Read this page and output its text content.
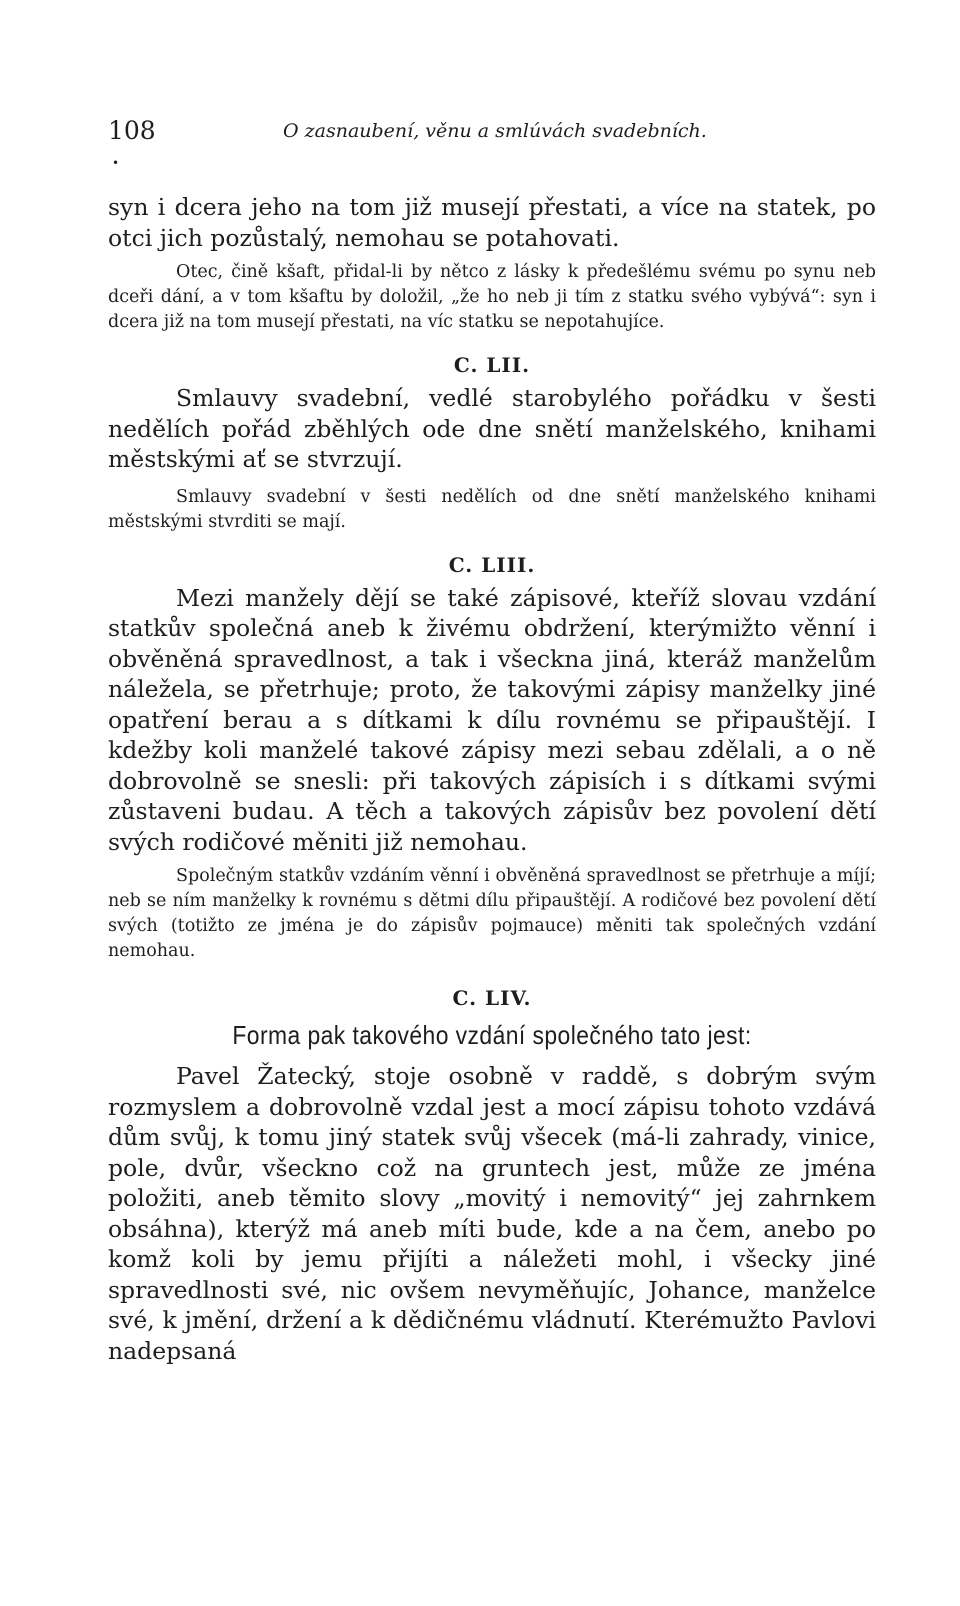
108	O zasnaubení, věnu a smlúvách svadebních.
•

syn i dcera jeho na tom již musejí přestati, a více na statek, po otci jich pozůstalý, nemohau se potahovati.

Otec, čině kšaft, přidal-li by nětco z lásky k předešlému svému po synu neb dceři dání, a v tom kšaftu by doložil, „že ho neb ji tím z statku svého vybývá“: syn i dcera již na tom musejí přestati, na víc statku se nepotahujíce.

C. LII.

Smlauvy svadební, vedlé starobylého pořádku v šesti nedělích pořád zběhlých ode dne snětí manželského, knihami městskými ať se stvrzují.

Smlauvy svadební v šesti nedělích od dne snětí manželského knihami městskými stvrditi se mají.

C. LIII.

Mezi manžely dějí se také zápisové, kteříž slovau vzdání statkův společná aneb k živému obdržení, kterýmižto věnní i obvěněná spravedlnost, a tak i všeckna jiná, kteráž manželům náležela, se přetrhuje; proto, že takovými zápisy manželky jiné opatření berau a s dítkami k dílu rovnému se připauštějí. I kdežby koli manželé takové zápisy mezi sebau zdělali, a o ně dobrovolně se snesli: při takových zápisích i s dítkami svými zůstaveni budau. A těch a takových zápisův bez povolení dětí svých rodičové měniti již nemohau.

Společným statkův vzdáním věnní i obvěněná spravedlnost se přetrhuje a míjí; neb se ním manželky k rovnému s dětmi dílu připauštějí. A rodičové bez povolení dětí svých (totižto ze jména je do zápisův pojmauce) měniti tak společných vzdání nemohau.

C. LIV.
Forma pak takového vzdání společného tato jest:

Pavel Žatecký, stoje osobně v raddě, s dobrým svým rozmyslem a dobrovolně vzdal jest a mocí zápisu tohoto vzdává dům svůj, k tomu jiný statek svůj všecek (má-li zahrady, vinice, pole, dvůr, všeckno což na gruntech jest, může ze jména položiti, aneb těmito slovy „movitý i nemovitý“ jej zahrnkem obsáhna), kterýž má aneb míti bude, kde a na čem, anebo po komž koli by jemu přijíti a náležeti mohl, i všecky jiné spravedlnosti své, nic ovšem nevyměňujíc, Johance, manželce své, k jmění, držení a k dědičnému vládnutí. Kterémužto Pavlovi nadepsaná
